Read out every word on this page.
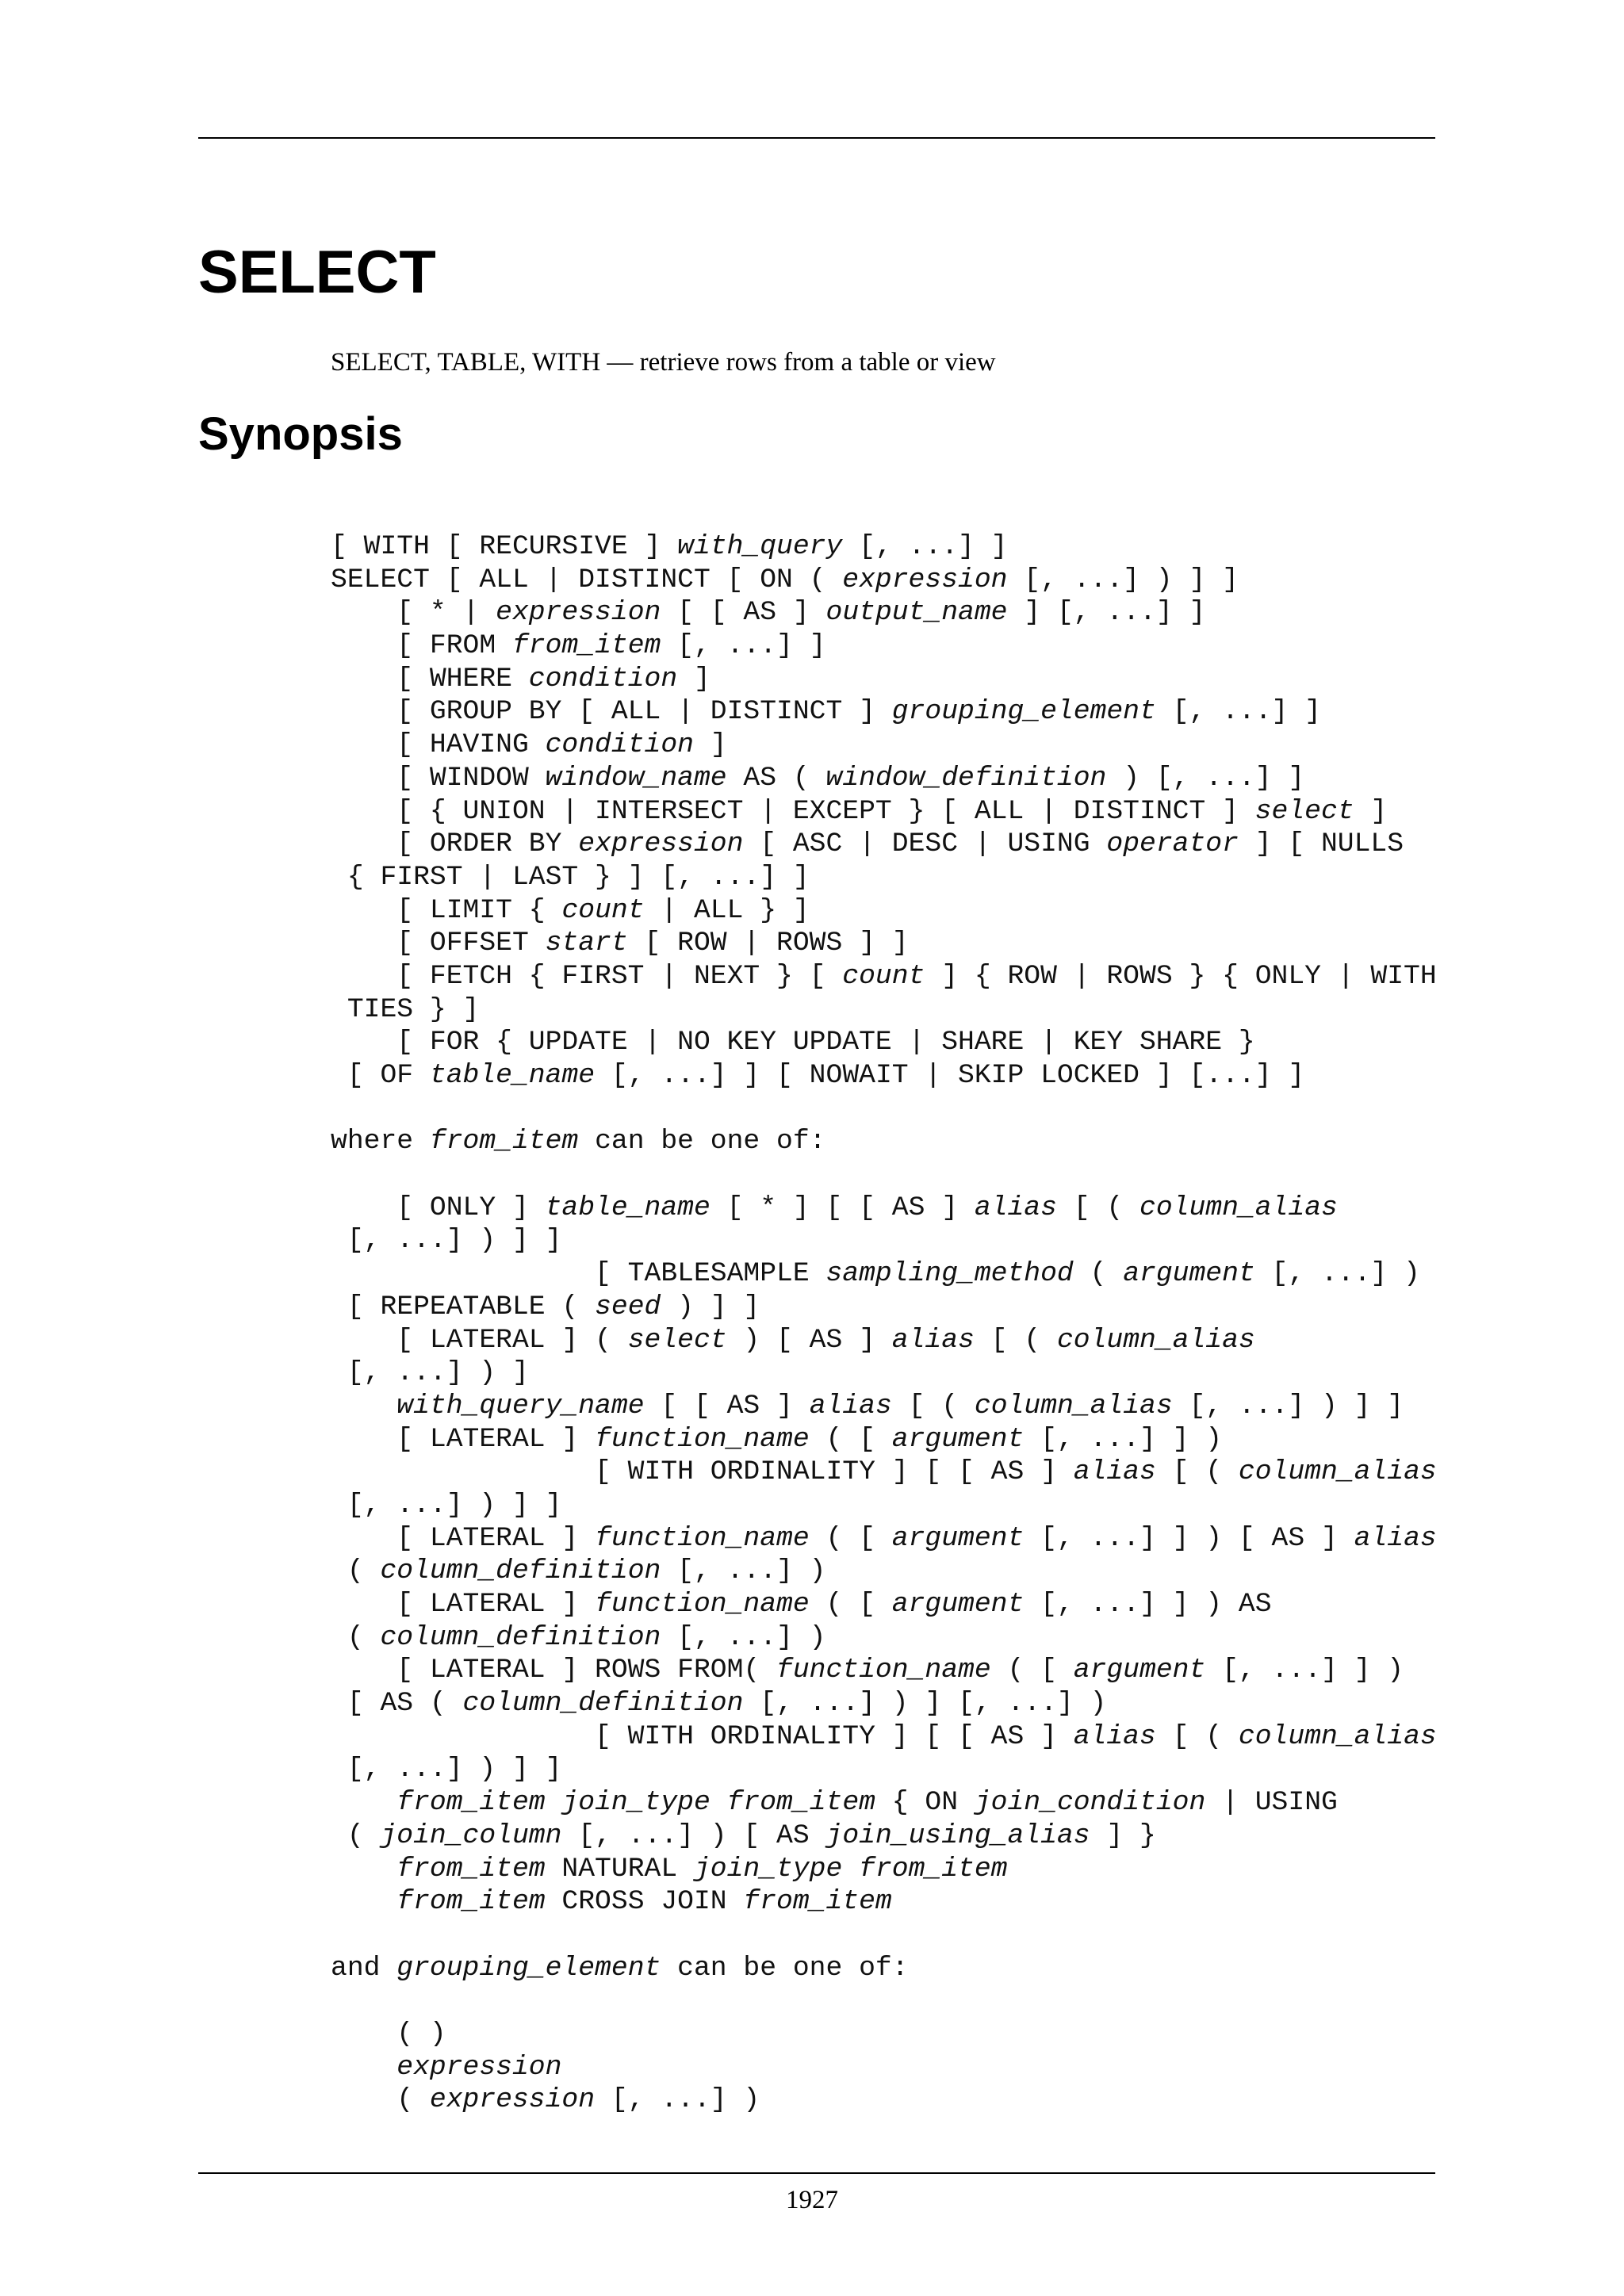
SELECT

SELECT, TABLE, WITH — retrieve rows from a table or view

Synopsis
[ WITH [ RECURSIVE ] with_query [, ...] ]
SELECT [ ALL | DISTINCT [ ON ( expression [, ...] ) ] ]
[ * | expression [ [ AS ] output_name ] [, ...] ]
[ FROM from_item [, ...] ]
[ WHERE condition ]
[ GROUP BY [ ALL | DISTINCT ] grouping_element [, ...] ]
[ HAVING condition ]
[ WINDOW window_name AS ( window_definition ) [, ...] ]
[ { UNION | INTERSECT | EXCEPT } [ ALL | DISTINCT ] select ]
[ ORDER BY expression [ ASC | DESC | USING operator ] [ NULLS
{ FIRST | LAST } ] [, ...] ]
[ LIMIT { count | ALL } ]
[ OFFSET start [ ROW | ROWS ] ]
[ FETCH { FIRST | NEXT } [ count ] { ROW | ROWS } { ONLY | WITH
TIES } ]
[ FOR { UPDATE | NO KEY UPDATE | SHARE | KEY SHARE }
[ OF table_name [, ...] ] [ NOWAIT | SKIP LOCKED ] [...] ]
where from_item can be one of:
[ ONLY ] table_name [ * ] [ [ AS ] alias [ ( column_alias
[, ...] ) ] ]
[ TABLESAMPLE sampling_method ( argument [, ...] )
[ REPEATABLE ( seed ) ] ]
[ LATERAL ] ( select ) [ AS ] alias [ ( column_alias
[, ...] ) ]
with_query_name [ [ AS ] alias [ ( column_alias [, ...] ) ] ]
[ LATERAL ] function_name ( [ argument [, ...] ] )
[ WITH ORDINALITY ] [ [ AS ] alias [ ( column_alias
[, ...] ) ] ]
[ LATERAL ] function_name ( [ argument [, ...] ] ) [ AS ] alias
( column_definition [, ...] )
[ LATERAL ] function_name ( [ argument [, ...] ] ) AS
( column_definition [, ...] )
[ LATERAL ] ROWS FROM( function_name ( [ argument [, ...] ] )
[ AS ( column_definition [, ...] ) ] [, ...] )
[ WITH ORDINALITY ] [ [ AS ] alias [ ( column_alias
[, ...] ) ] ]
from_item join_type from_item { ON join_condition | USING
( join_column [, ...] ) [ AS join_using_alias ] }
from_item NATURAL join_type from_item
from_item CROSS JOIN from_item
and grouping_element can be one of:
( )
expression
( expression [, ...] )
1927
